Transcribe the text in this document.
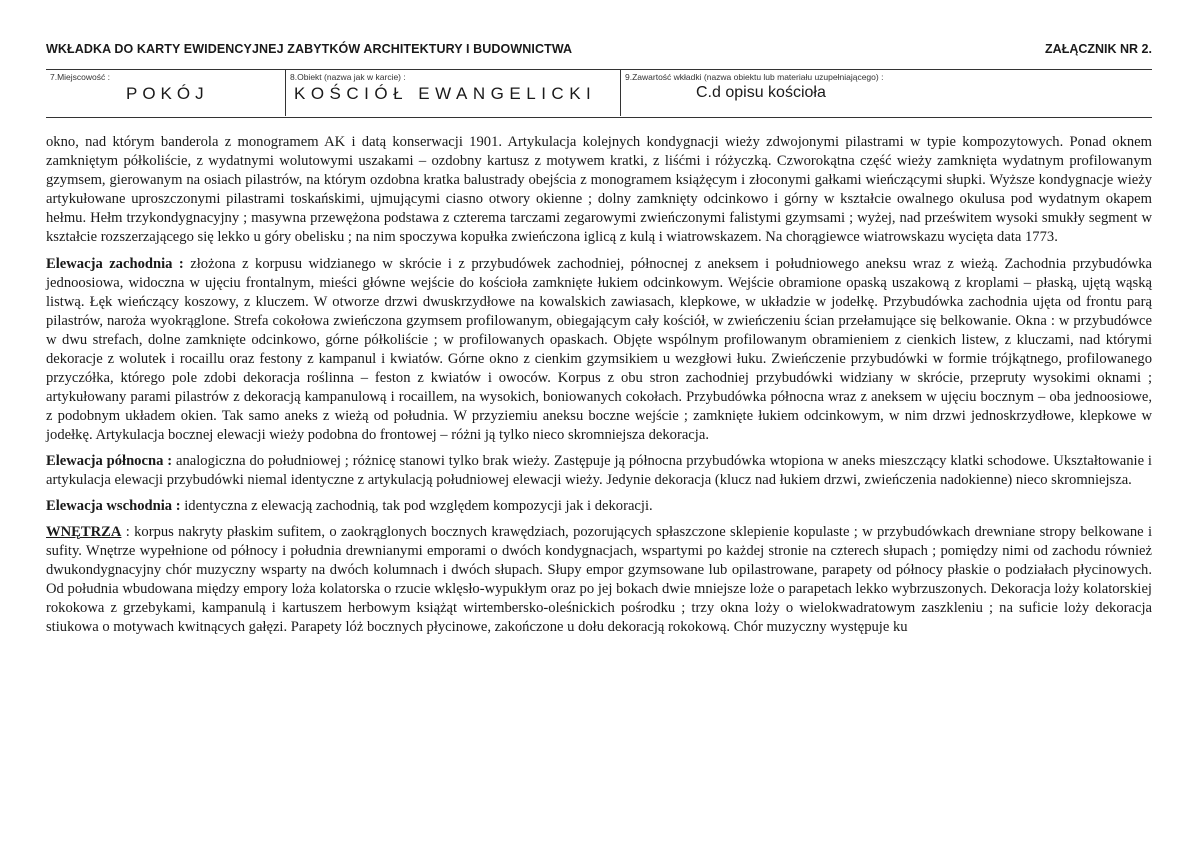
WKŁADKA DO KARTY EWIDENCYJNEJ ZABYTKÓW ARCHITEKTURY I BUDOWNICTWA	ZAŁĄCZNIK NR 2.
7.Miejscowość :
POKÓJ
8.Obiekt (nazwa jak w karcie) :
KOŚCIÓŁ EWANGELICKI
9.Zawartość wkładki (nazwa obiektu lub materiału uzupełniającego) :
C.d opisu kościoła

okno, nad którym banderola z monogramem AK i datą konserwacji 1901. Artykulacja kolejnych kondygnacji wieży zdwojonymi pilastrami w typie kompozytowych. Ponad oknem zamkniętym półkoliście, z wydatnymi wolutowymi uszakami – ozdobny kartusz z motywem kratki, z liśćmi i różyczką. Czworokątna część wieży zamknięta wydatnym profilowanym gzymsem, gierowanym na osiach pilastrów, na którym ozdobna kratka balustrady obejścia z monogramem książęcym i złoconymi gałkami wieńczącymi słupki. Wyższe kondygnacje wieży artykułowane uproszczonymi pilastrami toskańskimi, ujmującymi ciasno otwory okienne ; dolny zamknięty odcinkowo i górny w kształcie owalnego okulusa pod wydatnym okapem hełmu. Hełm trzykondygnacyjny ; masywna przewężona podstawa z czterema tarczami zegarowymi zwieńczonymi falistymi gzymsami ; wyżej, nad prześwitem wysoki smukły segment w kształcie rozszerzającego się lekko u góry obelisku ; na nim spoczywa kopułka zwieńczona iglicą z kulą i wiatrowskazem. Na chorągiewce wiatrowskazu wycięta data 1773.

Elewacja zachodnia : złożona z korpusu widzianego w skrócie i z przybudówek zachodniej, północnej z aneksem i południowego aneksu wraz z wieżą. Zachodnia przybudówka jednoosiowa, widoczna w ujęciu frontalnym, mieści główne wejście do kościoła zamknięte łukiem odcinkowym. Wejście obramione opaską uszakową z kroplami – płaską, ujętą wąską listwą. Łęk wieńczący koszowy, z kluczem. W otworze drzwi dwuskrzydłowe na kowalskich zawiasach, klepkowe, w układzie w jodełkę. Przybudówka zachodnia ujęta od frontu parą pilastrów, naroża wyokrąglone. Strefa cokołowa zwieńczona gzymsem profilowanym, obiegającym cały kościół, w zwieńczeniu ścian przełamujące się belkowanie. Okna : w przybudówce w dwu strefach, dolne zamknięte odcinkowo, górne półkoliście ; w profilowanych opaskach. Objęte wspólnym profilowanym obramieniem z cienkich listew, z kluczami, nad którymi dekoracje z wolutek i rocaillu oraz festony z kampanul i kwiatów. Górne okno z cienkim gzymsikiem u wezgłowi łuku. Zwieńczenie przybudówki w formie trójkątnego, profilowanego przyczółka, którego pole zdobi dekoracja roślinna – feston z kwiatów i owoców. Korpus z obu stron zachodniej przybudówki widziany w skrócie, przepruty wysokimi oknami ; artykułowany parami pilastrów z dekoracją kampanulową i rocaillem, na wysokich, boniowanych cokołach. Przybudówka północna wraz z aneksem w ujęciu bocznym – oba jednoosiowe, z podobnym układem okien. Tak samo aneks z wieżą od południa. W przyziemiu aneksu boczne wejście ; zamknięte łukiem odcinkowym, w nim drzwi jednoskrzydłowe, klepkowe w jodełkę. Artykulacja bocznej elewacji wieży podobna do frontowej – różni ją tylko nieco skromniejsza dekoracja.

Elewacja północna : analogiczna do południowej ; różnicę stanowi tylko brak wieży. Zastępuje ją północna przybudówka wtopiona w aneks mieszczący klatki schodowe. Ukształtowanie i artykulacja elewacji przybudówki niemal identyczne z artykulacją południowej elewacji wieży. Jedynie dekoracja (klucz nad łukiem drzwi, zwieńczenia nadokienne) nieco skromniejsza.

Elewacja wschodnia : identyczna z elewacją zachodnią, tak pod względem kompozycji jak i dekoracji.

WNĘTRZA : korpus nakryty płaskim sufitem, o zaokrąglonych bocznych krawędziach, pozorujących spłaszczone sklepienie kopulaste ; w przybudówkach drewniane stropy belkowane i sufity. Wnętrze wypełnione od północy i południa drewnianymi emporami o dwóch kondygnacjach, wspartymi po każdej stronie na czterech słupach ; pomiędzy nimi od zachodu również dwukondygnacyjny chór muzyczny wsparty na dwóch kolumnach i dwóch słupach. Słupy empor gzymsowane lub opilastrowane, parapety od północy płaskie o podziałach płycinowych. Od południa wbudowana między empory loża kolatorska o rzucie wklęsło-wypukłym oraz po jej bokach dwie mniejsze loże o parapetach lekko wybrzuszonych. Dekoracja loży kolatorskiej rokokowa z grzebykami, kampanulą i kartuszem herbowym książąt wirtembersko-oleśnickich pośrodku ; trzy okna loży o wielokwadratowym zaszkleniu ; na suficie loży dekoracja stiukowa o motywach kwitnących gałęzi. Parapety lóż bocznych płycinowe, zakończone u dołu dekoracją rokokową. Chór muzyczny występuje ku
